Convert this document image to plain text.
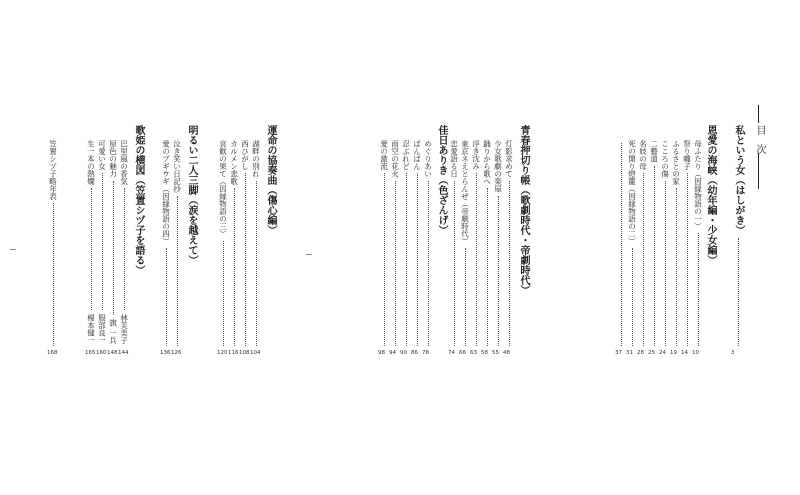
目 次
私という女（はしがき）
3
恩愛の海峡（幼年編・少女編）
母ふたり（因縁物語の一）
10
祭り囃子
14
ふるさとの家
19
こころの傷
24
二藝道
25
名妓の母
28
死の開り燈籠（因縁物語の二）
31
37
青春押切り帳（歌劇時代・帝劇時代）
灯影求めて
48
少女歌劇の楽屋
55
踊りから歌へ
58
浮き沈み
63
東京ネえとらんぜ（帝劇時代）
66
恋愛語る日
74
佳日ありき（色ざんげ）
めぐりあい
78
ばんばん
86
忍ぶれど
90
雨空の花火
94
愛の激流
98
運命の協奏曲（傷心編）
湖畔の別れ
104
西ひがし
108
カルメン悲歌
116
哀歓の果て（因縁物語の三）
120
明るい二人三脚（涙を越えて）
泣き笑い日記抄
126
愛のブギウギ（因縁物語の四）
136
歌姫の横図（笠置シヅ子を語る）
巴里風の香気
林芙美子
144
原色の魅力
旗 一兵
148
可愛い女
服部良一
160
生一本の熱燗
榎本健一
165
笠置シヅ子略年表
168
